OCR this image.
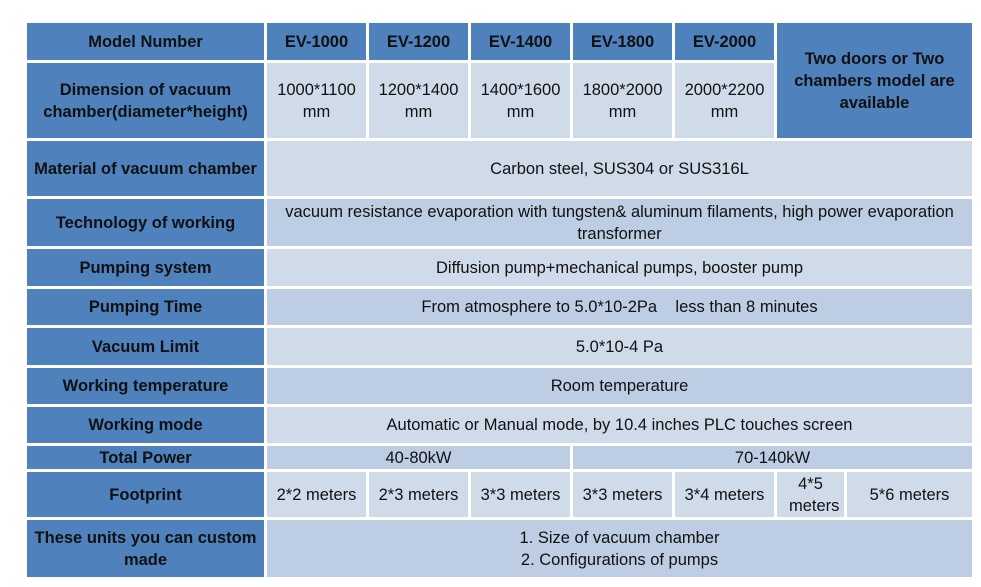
Model Number	EV-1000	EV-1200	EV-1400	EV-1800	EV-2000	Two doors or Two chambers model are available	
Dimension of vacuum chamber(diameter*height)	1000*1100 mm	1200*1400 mm	1400*1600 mm	1800*2000 mm	2000*2200 mm		
Material of vacuum chamber	Carbon steel, SUS304 or SUS316L						
Technology of working	vacuum resistance evaporation with tungsten& aluminum filaments, high power evaporation transformer						
Pumping system	Diffusion pump+mechanical pumps, booster pump						
Pumping Time	From atmosphere to 5.0*10-2Pa    less than 8 minutes						
Vacuum Limit	5.0*10-4 Pa						
Working temperature	Room temperature						
Working mode	Automatic or Manual mode, by 10.4 inches PLC touches screen						
Total Power	40-80kW			70-140kW			
Footprint	2*2 meters	2*3 meters	3*3 meters	3*3 meters	3*4 meters	4*5 meters	5*6 meters
These units you can custom made	1. Size of vacuum chamber
2. Configurations of pumps						
